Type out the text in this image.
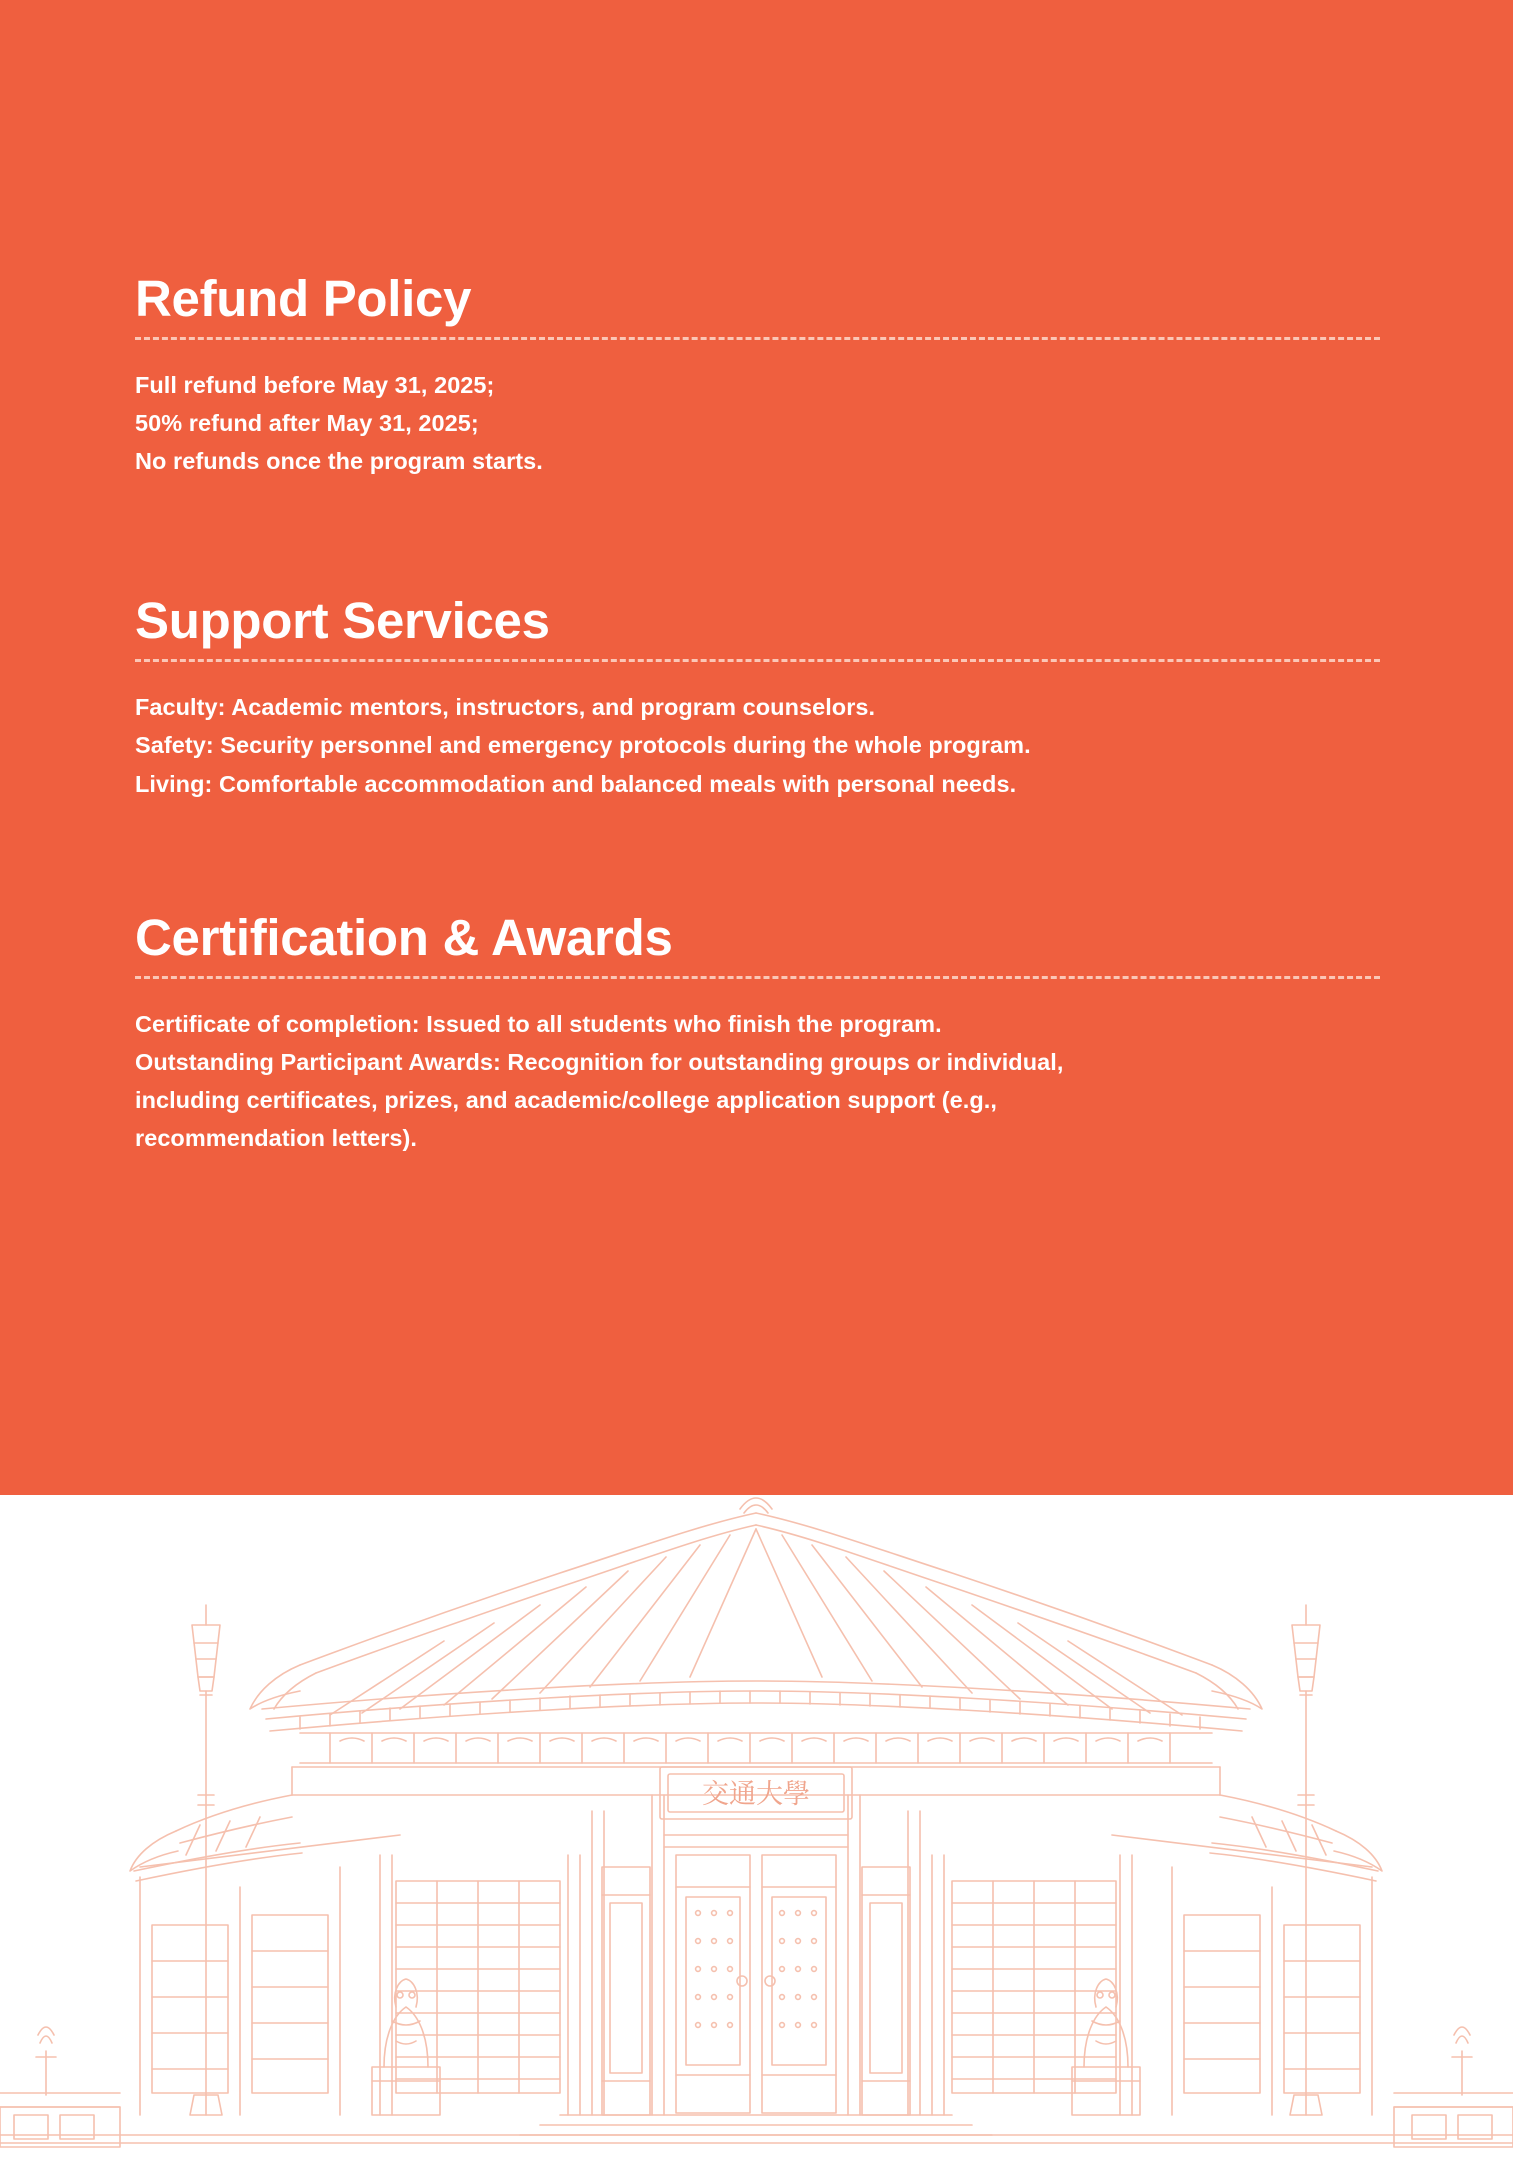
Refund Policy
Full refund before May 31, 2025;
50% refund after May 31, 2025;
No refunds once the program starts.
Support Services
Faculty: Academic mentors, instructors, and program counselors.
Safety: Security personnel and emergency protocols during the whole program.
Living: Comfortable accommodation and balanced meals with personal needs.
Certification & Awards
Certificate of completion: Issued to all students who finish the program.
Outstanding Participant Awards: Recognition for outstanding groups or individual,
including certificates, prizes, and academic/college application support (e.g.,
recommendation letters).
交通大學
